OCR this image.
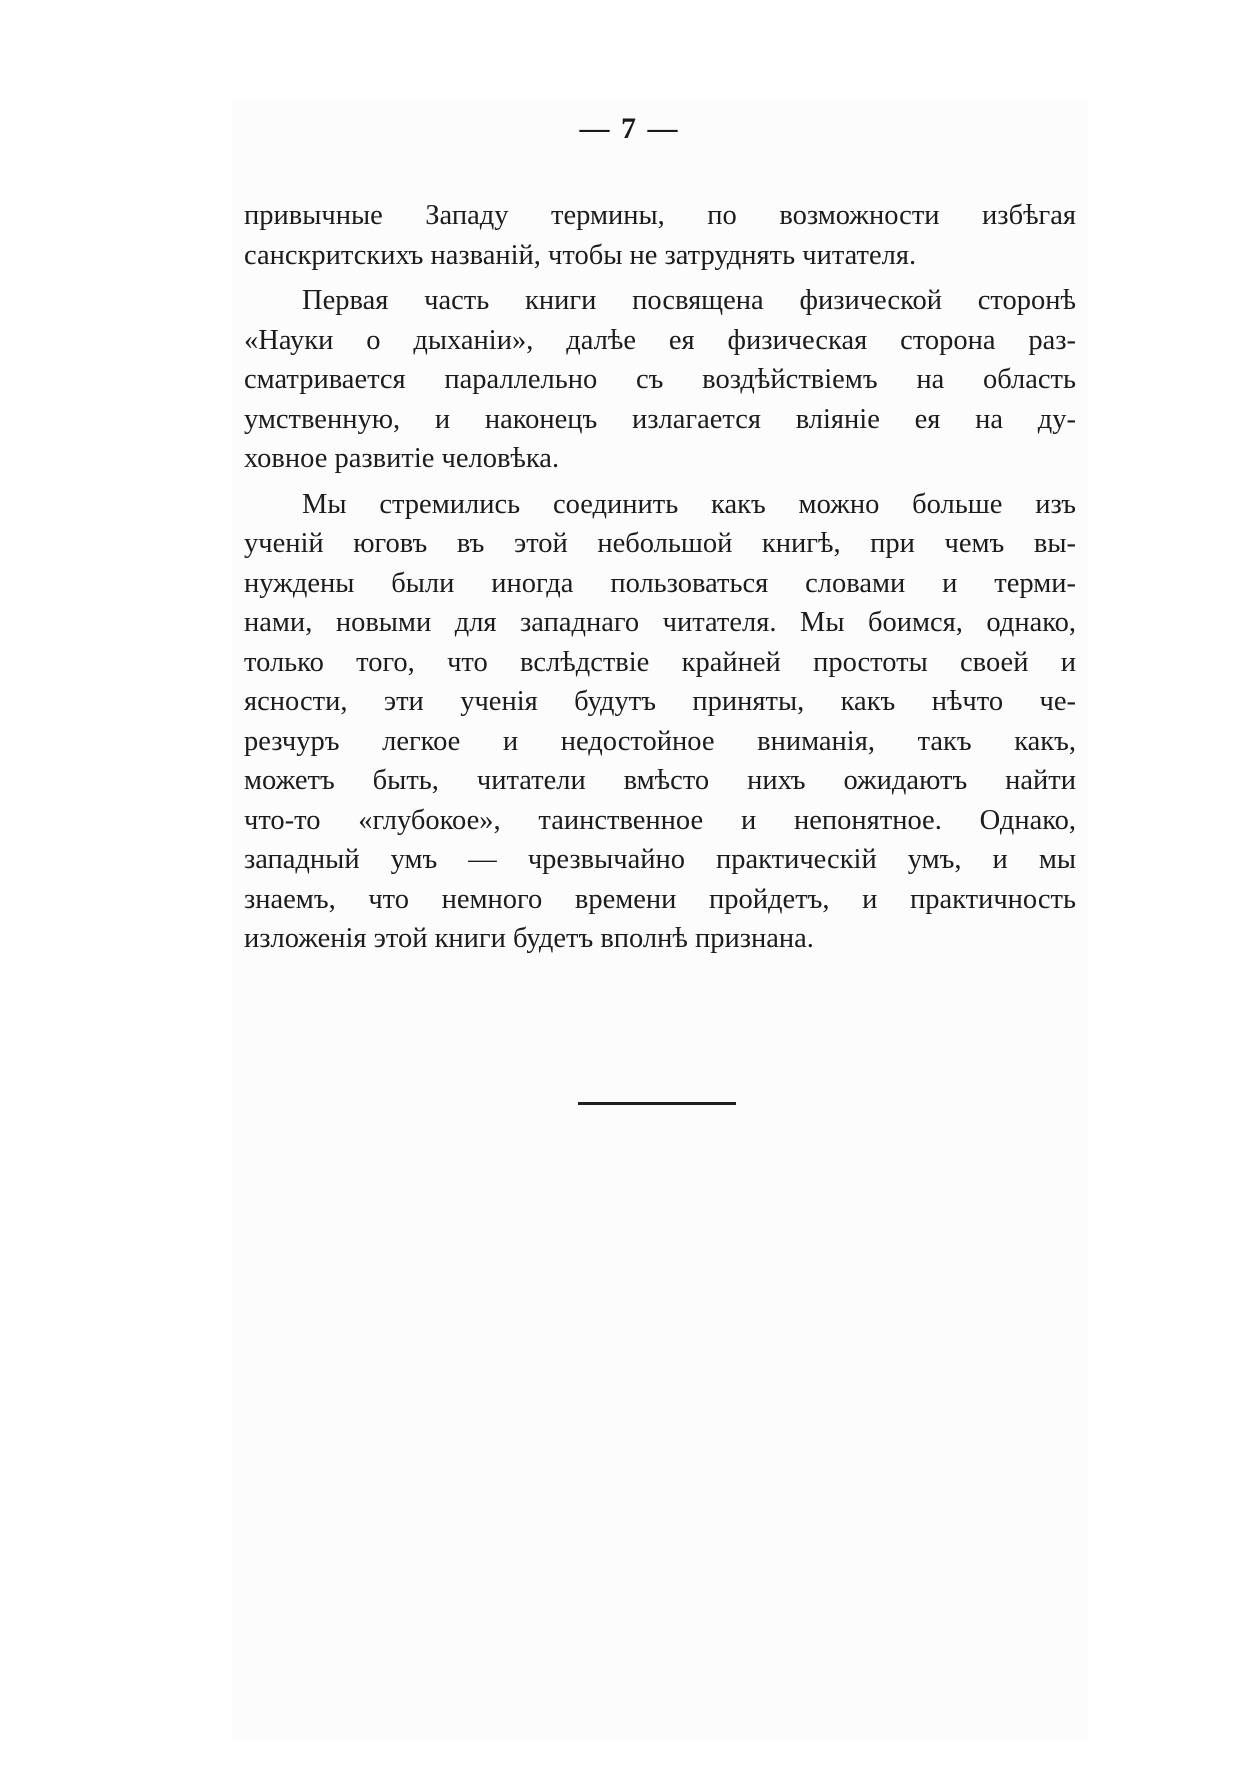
— 7 —
привычные Западу термины, по возможности избѣгая
санскритскихъ названій, чтобы не затруднять читателя.
Первая часть книги посвящена физической сторонѣ
«Науки о дыханіи», далѣе ея физическая сторона раз-
сматривается параллельно съ воздѣйствіемъ на область
умственную, и наконецъ излагается вліяніе ея на ду-
ховное развитіе человѣка.
Мы стремились соединить какъ можно больше изъ
ученій юговъ въ этой небольшой книгѣ, при чемъ вы-
нуждены были иногда пользоваться словами и терми-
нами, новыми для западнаго читателя. Мы боимся, однако,
только того, что вслѣдствіе крайней простоты своей и
ясности, эти ученія будутъ приняты, какъ нѣчто че-
резчуръ легкое и недостойное вниманія, такъ какъ,
можетъ быть, читатели вмѣсто нихъ ожидаютъ найти
что-то «глубокое», таинственное и непонятное. Однако,
западный умъ — чрезвычайно практическій умъ, и мы
знаемъ, что немного времени пройдетъ, и практичность
изложенія этой книги будетъ вполнѣ признана.
